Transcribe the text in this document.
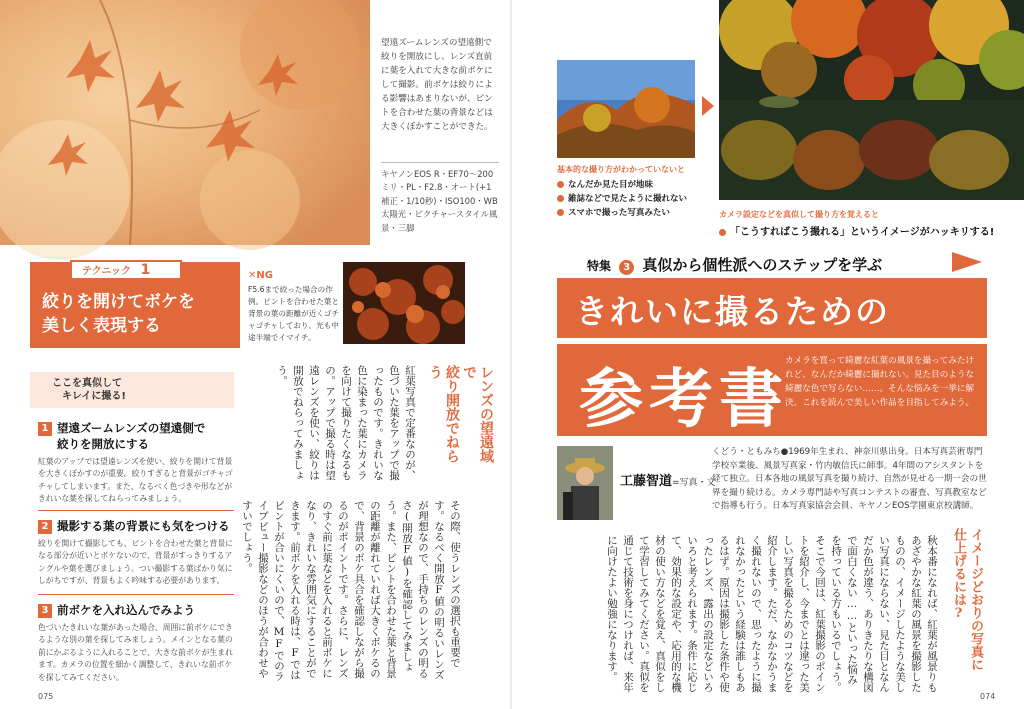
望遠ズームレンズの望遠側で絞りを開放にし、レンズ直前に葉を入れて大きな前ボケにして撮影。前ボケは絞りによる影響はあまりないが、ピントを合わせた葉の背景などは大きくぼかすことができた。
キヤノンEOS R・EF70〜200ミリ・PL・F2.8・オート(+1補正・1/10秒)・ISO100・WB太陽光・ピクチャースタイル風景・三脚
テクニック 1
絞りを開けてボケを
美しく表現する
✕NG
F5.6まで絞った場合の作例。ピントを合わせた葉と背景の葉の距離が近くゴチャゴチャしており、光も中途半端でイマイチ。
ここを真似して
キレイに撮る!
1 望遠ズームレンズの望遠側で
絞りを開放にする
紅葉のアップでは望遠レンズを使い、絞りを開けて背景を大きくぼかすのが重要。絞りすぎると背景がゴチャゴチャしてしまいます。また、なるべく色づきや形などがきれいな葉を探してねらってみましょう。
2 撮影する葉の背景にも気をつける
絞りを開けて撮影しても、ピントを合わせた葉と背景になる部分が近いとボケないので、背景がすっきりするアングルや葉を選びましょう。つい撮影する葉ばかり気にしがちですが、背景もよく吟味する必要があります。
3 前ボケを入れ込んでみよう
色づいたきれいな葉があった場合、周囲に前ボケにできるような別の葉を探してみましょう。メインとなる葉の前にかぶるように入れることで、大きな前ボケが生まれます。カメラの位置を細かく調整して、きれいな前ボケを探してみてください。
レンズの望遠域で
絞り開放でねらう
紅葉写真で定番なのが、色づいた葉をアップで撮ったものです。きれいな色に染まった葉にカメラを向けて撮りたくなるもの。アップで撮る時は望遠レンズを使い、絞りは開放でねらってみましょう。
その際、使うレンズの選択も重要です。なるべく開放F値の明るいレンズが理想なので、手持ちのレンズの明るさ(開放F値)を確認してみましょう。また、ピントを合わせた葉と背景の距離が離れていれば大きくボケるので、背景のボケ具合を確認しながら撮るのがポイントです。さらに、レンズのすぐ前に葉などを入れると前ボケになり、きれいな雰囲気にすることができます。前ボケを入れる時は、Fではピントが合いにくいので、MFでのライブビュー撮影などのほうが合わせやすいでしょう。
075
基本的な撮り方がわかっていないと
なんだか見た目が地味
雑誌などで見たように撮れない
スマホで撮った写真みたい	カメラ設定などを真似して撮り方を覚えると
「こうすればこう撮れる」というイメージがハッキリする!
特集 3 真似から個性派へのステップを学ぶ
きれいに撮るための
参考書
カメラを買って綺麗な紅葉の風景を撮ってみたけれど、なんだか綺麗に撮れない。見た目のような綺麗な色で写らない……。そんな悩みを一挙に解決。これを読んで美しい作品を目指してみよう。
工藤智道=写真・文
くどう・ともみち●1969年生まれ、神奈川県出身。日本写真芸術専門学校卒業後、風景写真家・竹内敏信氏に師事。4年間のアシスタントを経て独立。日本各地の風景写真を撮り続け、自然が見せる一期一会の世界を撮り続ける。カメラ専門誌や写真コンテストの審査、写真教室などで指導も行う。日本写真家協会会員、キヤノンEOS学園東京校講師。
イメージどおりの写真に
仕上げるには?
秋本番になれば、紅葉が風景りもあざやかな紅葉の風景を撮影したものの、イメージしたような美しい写真にならない、見た目となんだか色が違う、ありきたりな構図で面白くない……といった悩みを持っている方もいるでしょう。そこで今回は、紅葉撮影のポイントを紹介し、今までとは違った美しい写真を撮るためのコツなどを紹介します。ただ、なかなかうまく撮れないので、思ったように撮れなかったという経験は誰しもあるはず。原因は撮影した条件や使ったレンズ、露出の設定などいろいろと考えられます。条件に応じて、効果的な設定や、応用的な機材の使い方などを覚え、真似をして学習してみてください。真似を通じて技術を身につければ、来年に向けたよい勉強になります。
074
